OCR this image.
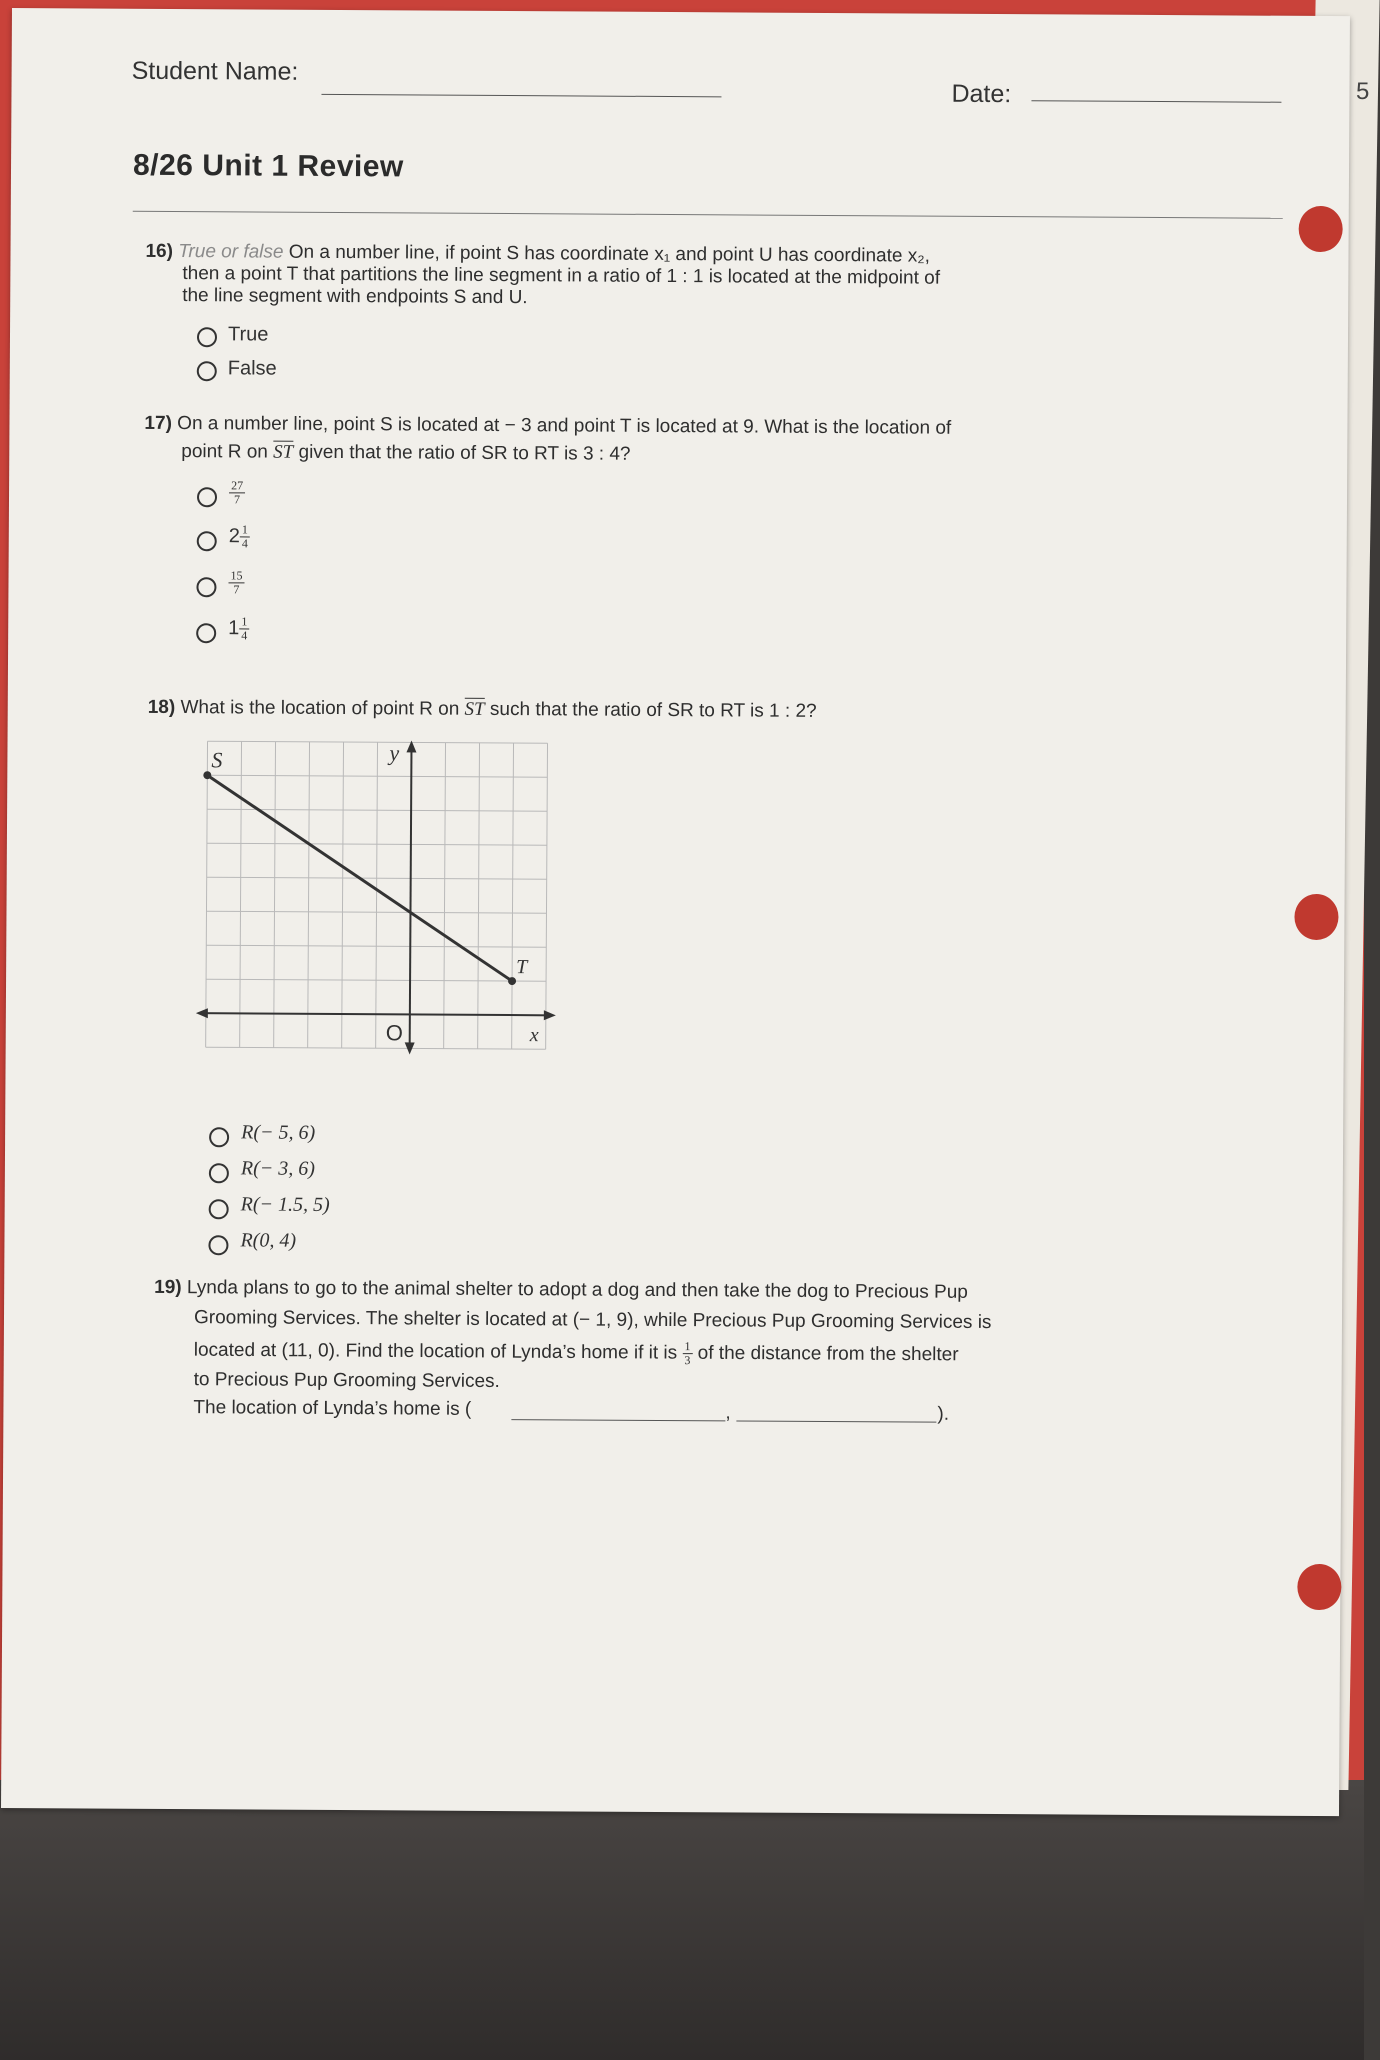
5
Student Name:
Date:
8/26 Unit 1 Review
16) True or false On a number line, if point S has coordinate x₁ and point U has coordinate x₂,
then a point T that partitions the line segment in a ratio of 1 : 1 is located at the midpoint of
the line segment with endpoints S and U.
True
False
17) On a number line, point S is located at − 3 and point T is located at 9. What is the location of
point R on ST given that the ratio of SR to RT is 3 : 4?
$\frac{27}{7}$
$2 \frac{1}{4}$
$\frac{15}{7}$
$1 \frac{1}{4}$
18) What is the location of point R on ST such that the ratio of SR to RT is 1 : 2?
S
T
y
x
O
R(− 5, 6)
R(− 3, 6)
R(− 1.5, 5)
R(0, 4)
19) Lynda plans to go to the animal shelter to adopt a dog and then take the dog to Precious Pup
Grooming Services. The shelter is located at (− 1, 9), while Precious Pup Grooming Services is
located at (11, 0). Find the location of Lynda’s home if it is $\frac{1}{3}$ of the distance from the shelter
to Precious Pup Grooming Services.
The location of Lynda’s home is (	,	).
